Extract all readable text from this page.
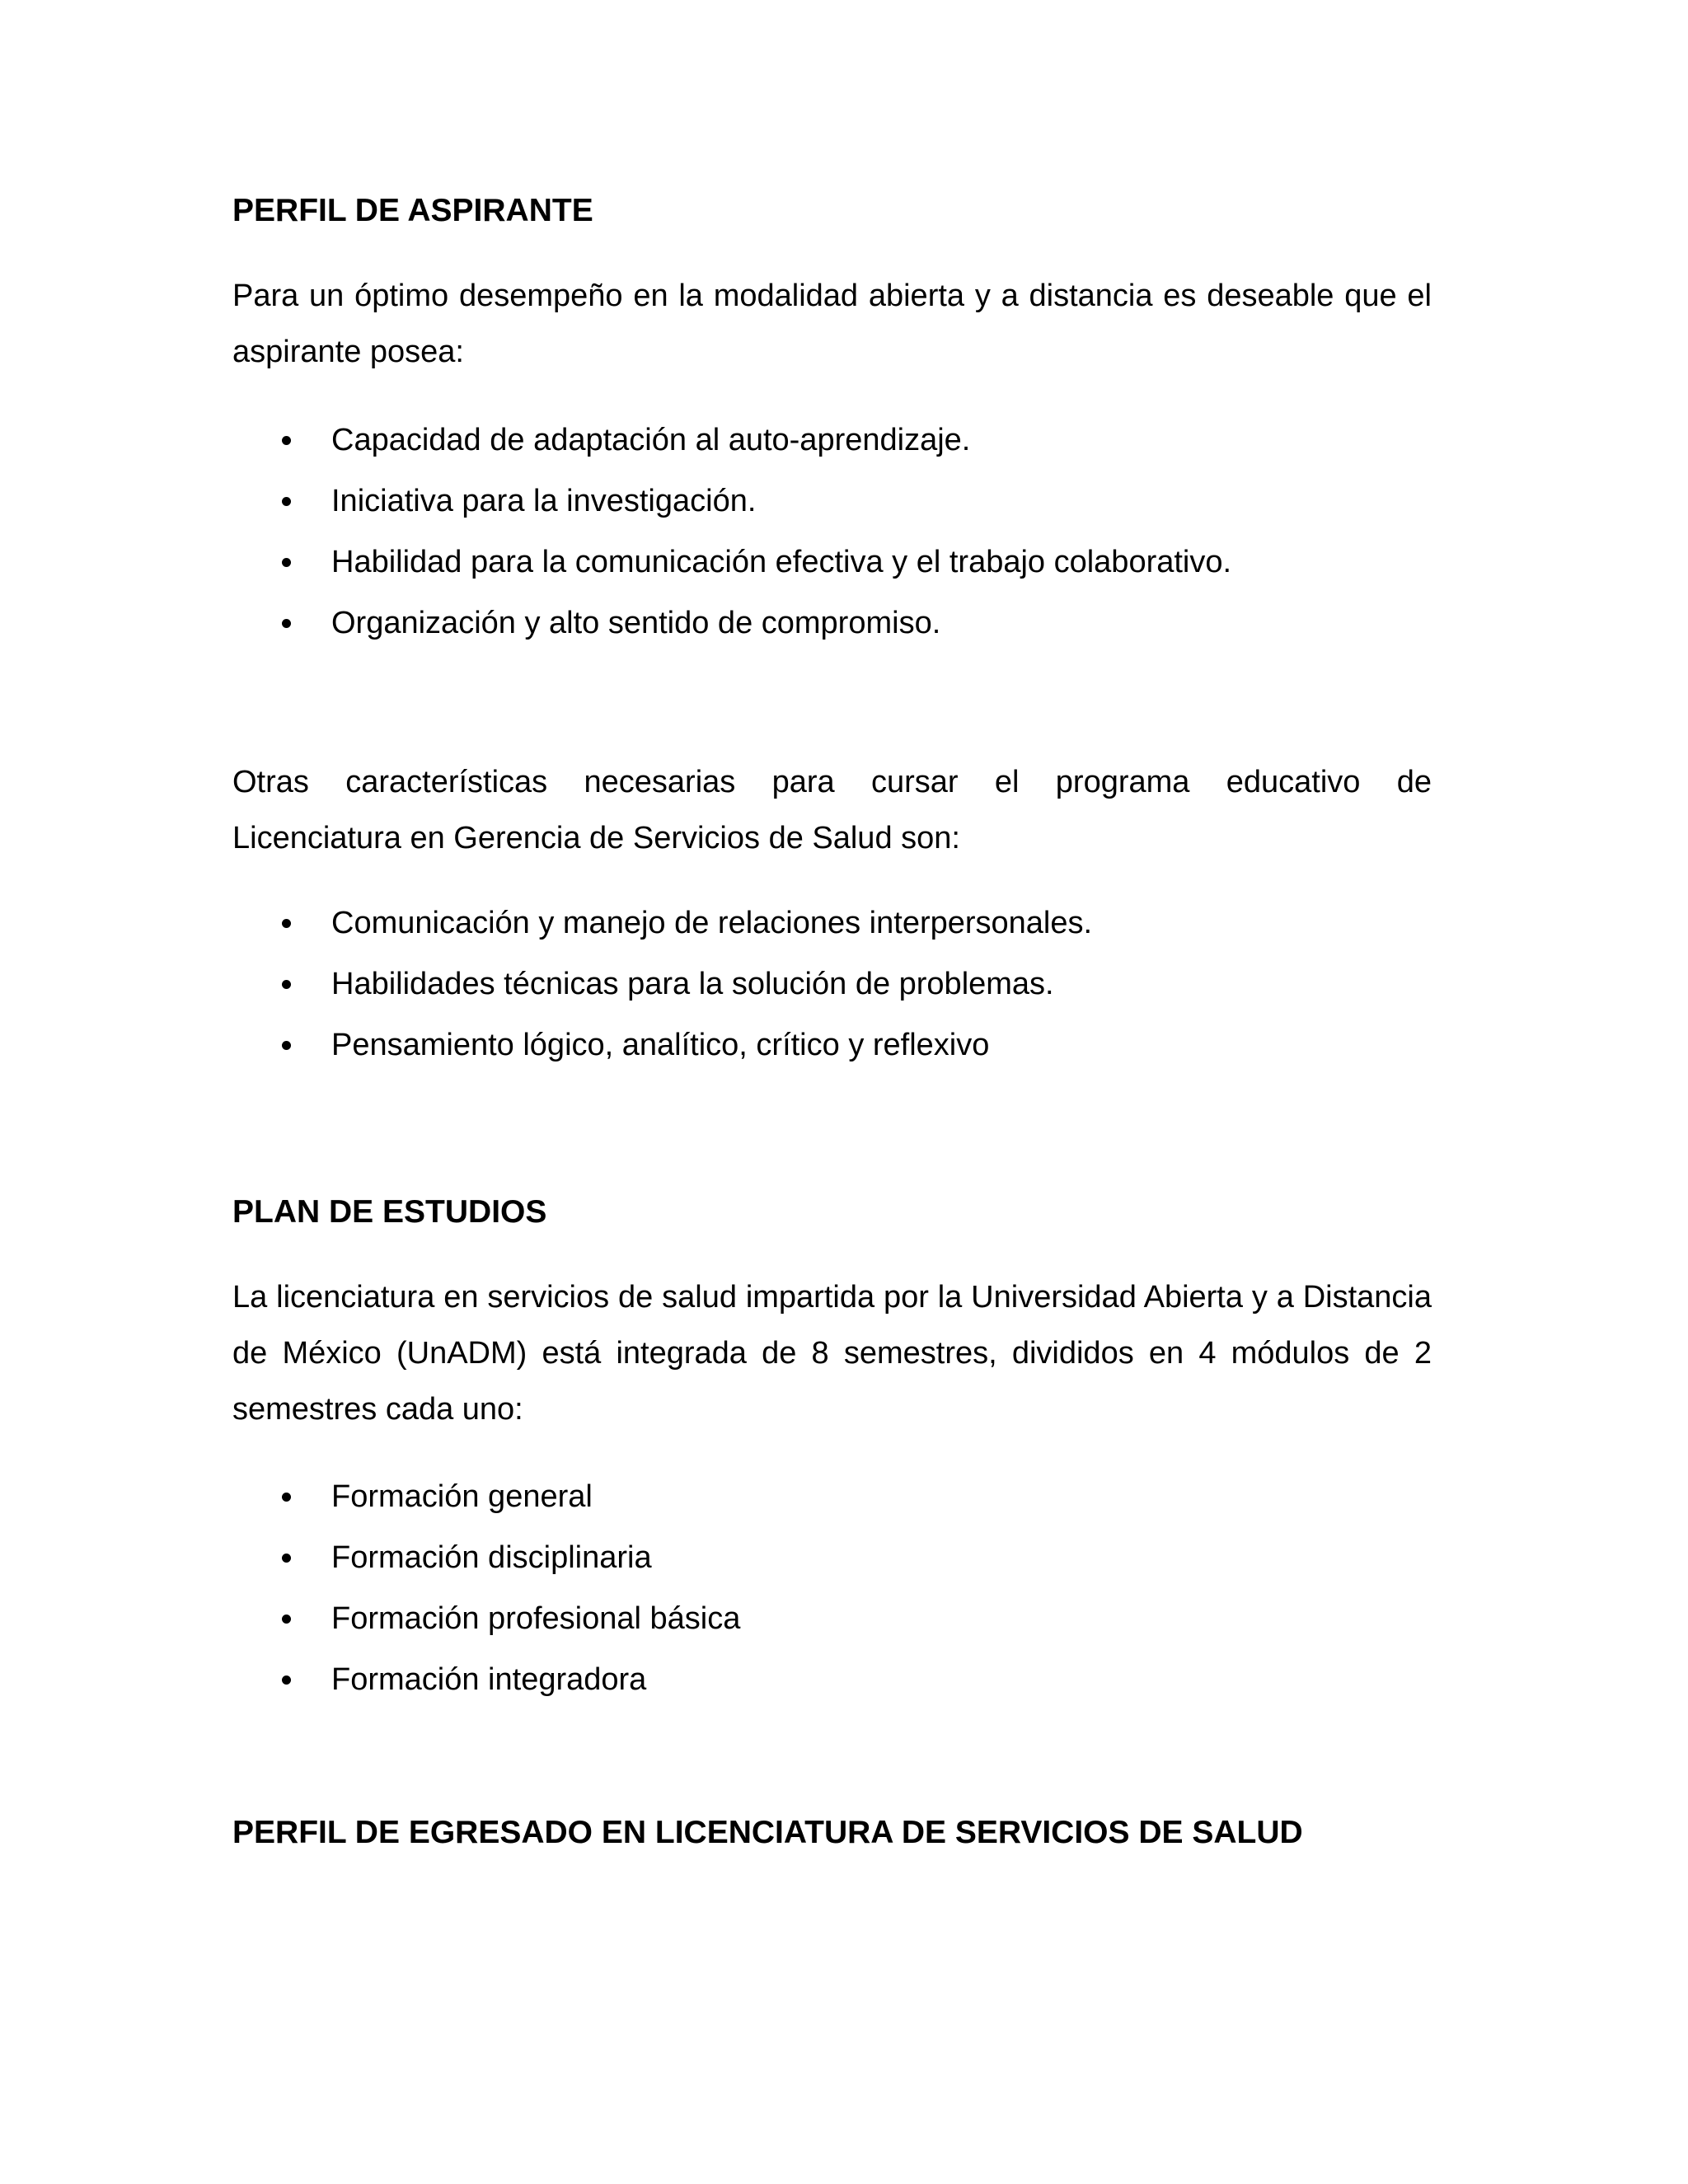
PERFIL DE ASPIRANTE

Para un óptimo desempeño en la modalidad abierta y a distancia es deseable que el aspirante posea:

Capacidad de adaptación al auto-aprendizaje.
Iniciativa para la investigación.
Habilidad para la comunicación efectiva y el trabajo colaborativo.
Organización y alto sentido de compromiso.

Otras características necesarias para cursar el programa educativo de

Licenciatura en Gerencia de Servicios de Salud son:

Comunicación y manejo de relaciones interpersonales.
Habilidades técnicas para la solución de problemas.
Pensamiento lógico, analítico, crítico y reflexivo
PLAN DE ESTUDIOS

La licenciatura en servicios de salud impartida por la Universidad Abierta y a Distancia de México (UnADM) está integrada de 8 semestres, divididos en 4 módulos de 2 semestres cada uno:

Formación general
Formación disciplinaria
Formación profesional básica
Formación integradora
PERFIL DE EGRESADO EN LICENCIATURA DE SERVICIOS DE SALUD
